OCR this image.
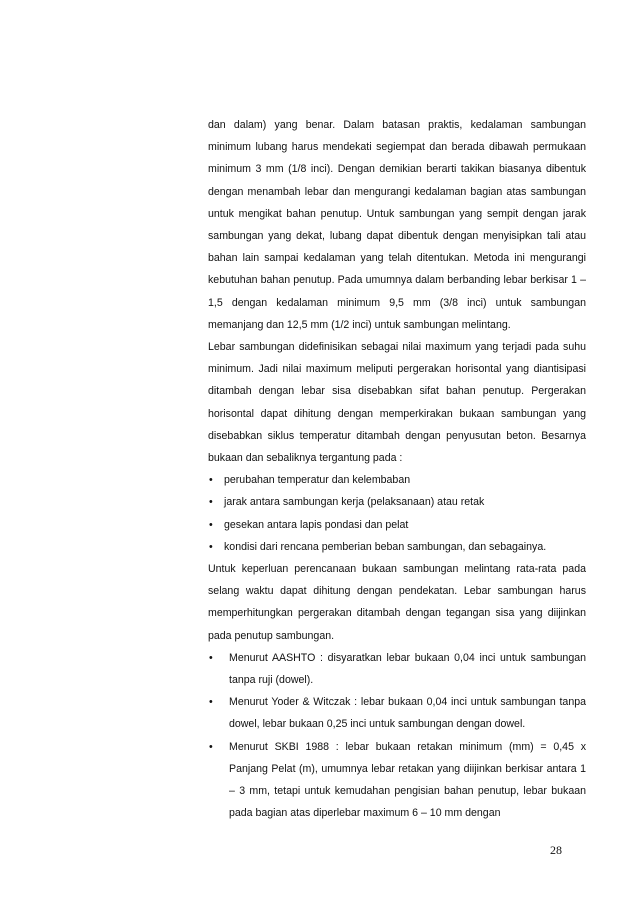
dan dalam) yang benar. Dalam batasan praktis, kedalaman sambungan minimum lubang harus mendekati segiempat dan berada dibawah permukaan minimum 3 mm (1/8 inci). Dengan demikian berarti takikan biasanya dibentuk dengan menambah lebar dan mengurangi kedalaman bagian atas sambungan untuk mengikat bahan penutup. Untuk sambungan yang sempit dengan jarak sambungan yang dekat, lubang dapat dibentuk dengan menyisipkan tali atau bahan lain sampai kedalaman yang telah ditentukan. Metoda ini mengurangi kebutuhan bahan penutup. Pada umumnya dalam berbanding lebar berkisar 1 – 1,5 dengan kedalaman minimum 9,5 mm (3/8 inci) untuk sambungan memanjang dan 12,5 mm (1/2 inci) untuk sambungan melintang.

Lebar sambungan didefinisikan sebagai nilai maximum yang terjadi pada suhu minimum. Jadi nilai maximum meliputi pergerakan horisontal yang diantisipasi ditambah dengan lebar sisa disebabkan sifat bahan penutup. Pergerakan horisontal dapat dihitung dengan memperkirakan bukaan sambungan yang disebabkan siklus temperatur ditambah dengan penyusutan beton. Besarnya bukaan dan sebaliknya tergantung pada :

• perubahan temperatur dan kelembaban
• jarak antara sambungan kerja (pelaksanaan) atau retak
• gesekan antara lapis pondasi dan pelat
• kondisi dari rencana pemberian beban sambungan, dan sebagainya.

Untuk keperluan perencanaan bukaan sambungan melintang rata-rata pada selang waktu dapat dihitung dengan pendekatan. Lebar sambungan harus memperhitungkan pergerakan ditambah dengan tegangan sisa yang diijinkan pada penutup sambungan.

• Menurut AASHTO : disyaratkan lebar bukaan 0,04 inci untuk sambungan tanpa ruji (dowel).
• Menurut Yoder & Witczak : lebar bukaan 0,04 inci untuk sambungan tanpa dowel, lebar bukaan 0,25 inci untuk sambungan dengan dowel.
• Menurut SKBI 1988 : lebar bukaan retakan minimum (mm) = 0,45 x Panjang Pelat (m), umumnya lebar retakan yang diijinkan berkisar antara 1 – 3 mm, tetapi untuk kemudahan pengisian bahan penutup, lebar bukaan pada bagian atas diperlebar maximum 6 – 10 mm dengan
28
